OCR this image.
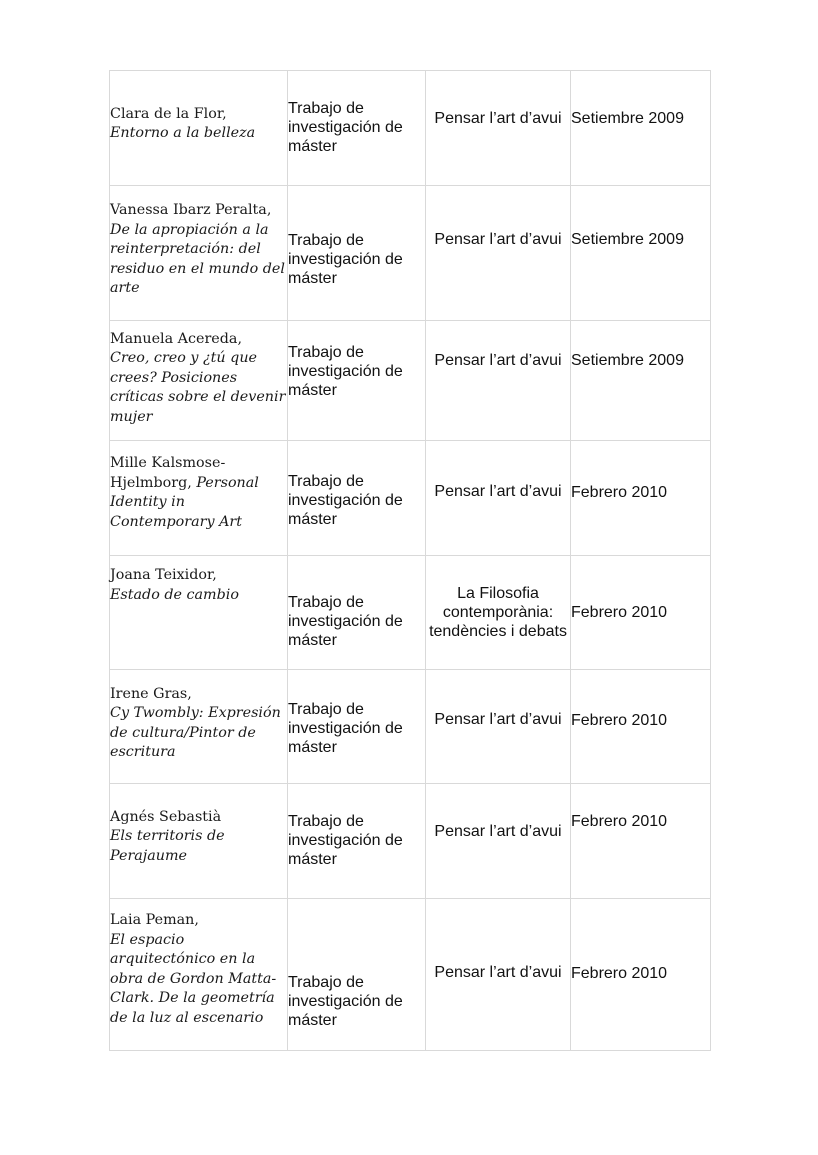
Clara de la Flor,
Entorno a la belleza	Trabajo de investigación de máster	Pensar l’art d’avui	Setiembre 2009

Vanessa Ibarz Peralta,
De la apropiación a la reinterpretación: del residuo en el mundo del arte	Trabajo de investigación de máster	Pensar l’art d’avui	Setiembre 2009

Manuela Acereda,
Creo, creo y ¿tú que crees? Posiciones críticas sobre el devenir mujer	Trabajo de investigación de máster	Pensar l’art d’avui	Setiembre 2009

Mille Kalsmose-Hjelmborg, Personal Identity in Contemporary Art	Trabajo de investigación de máster	Pensar l’art d’avui	Febrero 2010

Joana Teixidor,
Estado de cambio	Trabajo de investigación de máster	La Filosofia contemporània: tendències i debats	Febrero 2010

Irene Gras,
Cy Twombly: Expresión de cultura/Pintor de escritura	Trabajo de investigación de máster	Pensar l’art d’avui	Febrero 2010

Agnés Sebastià
Els territoris de Perajaume	Trabajo de investigación de máster	Pensar l’art d’avui	Febrero 2010

Laia Peman,
El espacio arquitectónico en la obra de Gordon Matta-Clark. De la geometría de la luz al escenario	Trabajo de investigación de máster	Pensar l’art d’avui	Febrero 2010
